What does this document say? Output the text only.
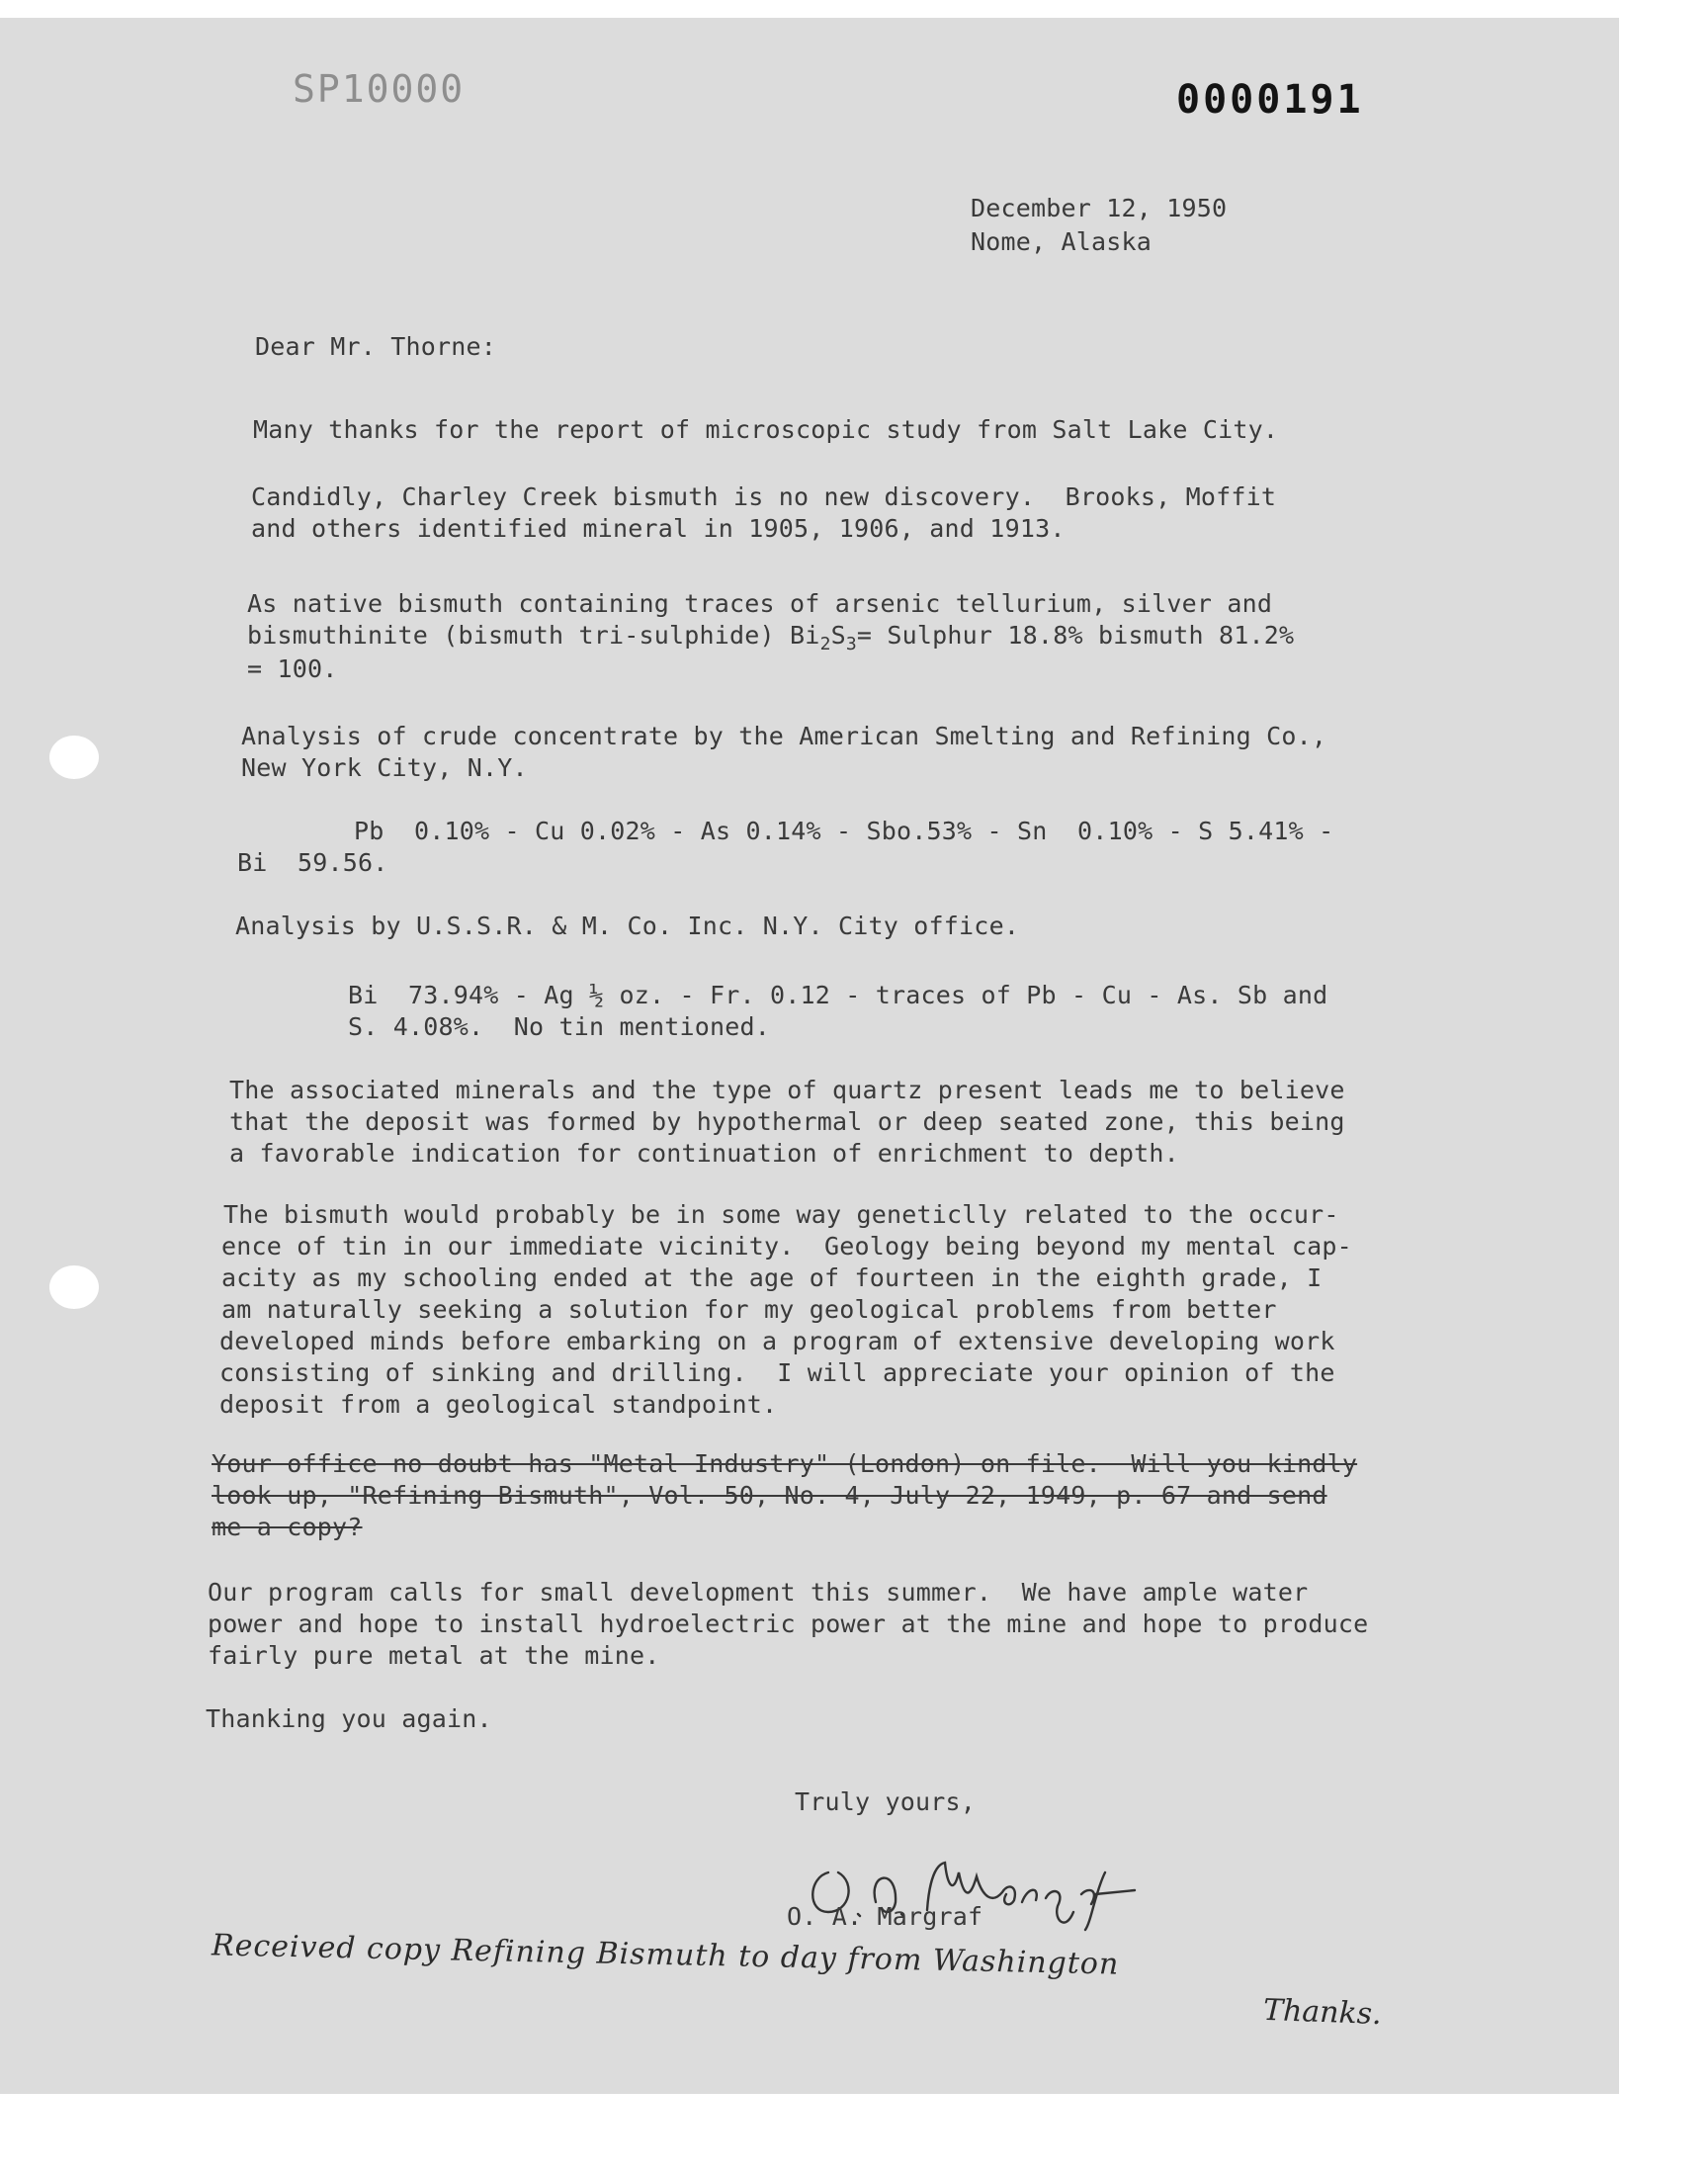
SP10000	0000191
December 12, 1950
Nome, Alaska
Dear Mr. Thorne:
Many thanks for the report of microscopic study from Salt Lake City.
Candidly, Charley Creek bismuth is no new discovery.  Brooks, Moffit
and others identified mineral in 1905, 1906, and 1913.
As native bismuth containing traces of arsenic tellurium, silver and
bismuthinite (bismuth tri-sulphide) $Bi_2S_3=$ Sulphur 18.8% bismuth 81.2%
= 100.
Analysis of crude concentrate by the American Smelting and Refining Co.,
New York City, N.Y.
Pb  0.10% - Cu 0.02% - As 0.14% - Sbo.53% - Sn  0.10% - S 5.41% -
Bi  59.56.
Analysis by U.S.S.R. & M. Co. Inc. N.Y. City office.
Bi  73.94% - Ag ½ oz. - Fr. 0.12 - traces of Pb - Cu - As. Sb and
S. 4.08%.  No tin mentioned.
The associated minerals and the type of quartz present leads me to believe
that the deposit was formed by hypothermal or deep seated zone, this being
a favorable indication for continuation of enrichment to depth.
The bismuth would probably be in some way geneticlly related to the occur-
ence of tin in our immediate vicinity.  Geology being beyond my mental cap-
acity as my schooling ended at the age of fourteen in the eighth grade, I
am naturally seeking a solution for my geological problems from better
developed minds before embarking on a program of extensive developing work
consisting of sinking and drilling.  I will appreciate your opinion of the
deposit from a geological standpoint.
Your office no doubt has "Metal Industry" (London) on file.  Will you kindly
look up, "Refining Bismuth", Vol. 50, No. 4, July 22, 1949, p. 67 and send
me a copy?
Our program calls for small development this summer.  We have ample water
power and hope to install hydroelectric power at the mine and hope to produce
fairly pure metal at the mine.
Thanking you again.
Truly yours,
O. A. Margraf
Received copy Refining Bismuth to day from Washington
Thanks.
